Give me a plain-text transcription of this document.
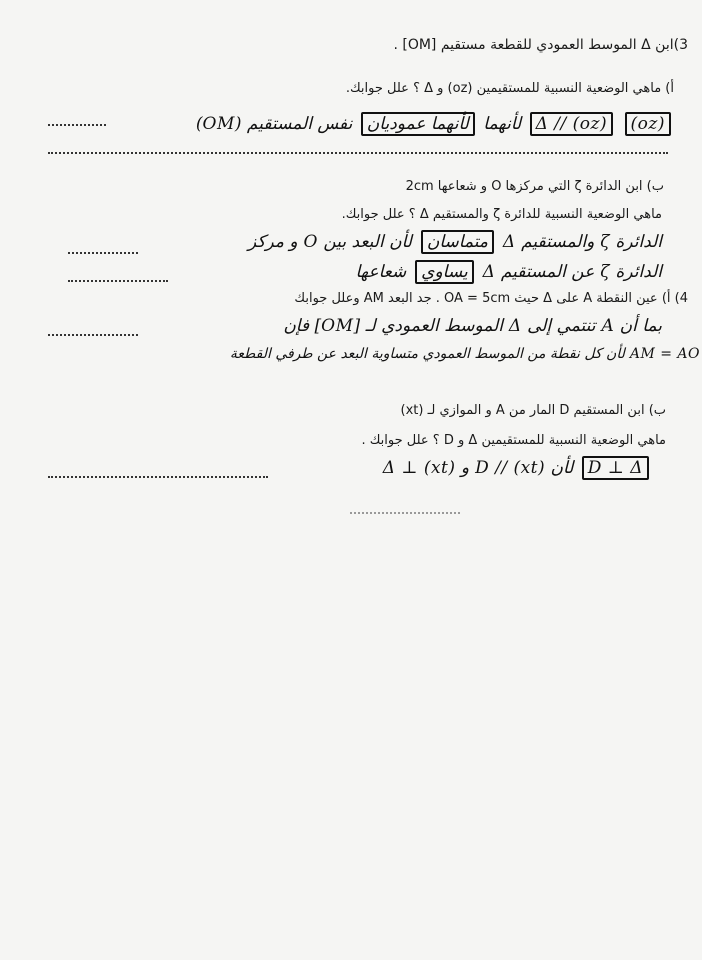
3)ابن Δ الموسط العمودي للقطعة مستقيم [OM] .
أ) ماهي الوضعية النسبية للمستقيمين (oz) و Δ ؟ علل جوابك.
(oz) Δ // (oz) لأنهما لأنهما عموديان نفس المستقيم (OM)
ب) ابن الدائرة ζ التي مركزها O و شعاعها 2cm
ماهي الوضعية النسبية للدائرة ζ والمستقيم Δ ؟ علل جوابك.
الدائرة ζ والمستقيم Δ متماسان لأن البعد بين O و مركز
الدائرة ζ عن المستقيم Δ يساوي شعاعها
4) أ) عين النقطة A على Δ حيث OA = 5cm . جد البعد AM وعلل جوابك
بما أن A تنتمي إلى Δ الموسط العمودي لـ [OM] فإن
AM = AO لأن كل نقطة من الموسط العمودي متساوية البعد عن طرفي القطعة
ب) ابن المستقيم D المار من A و الموازي لـ (xt)
ماهي الوضعية النسبية للمستقيمين Δ و D ؟ علل جوابك .
D ⊥ Δ لأن D // (xt) و Δ ⊥ (xt)
